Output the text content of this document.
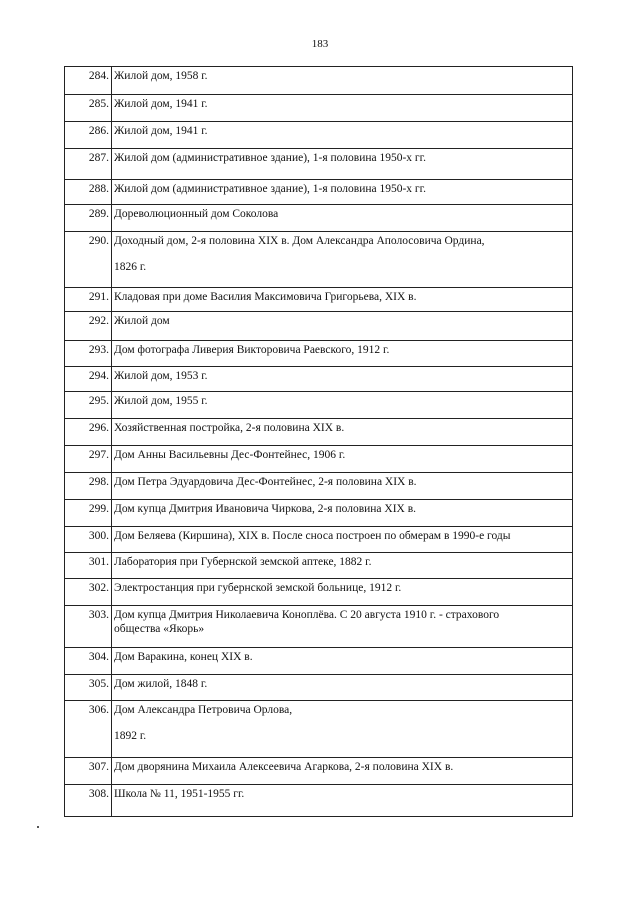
183
284.	Жилой дом, 1958 г.
285.	Жилой дом, 1941 г.
286.	Жилой дом, 1941 г.
287.	Жилой дом (административное здание), 1-я половина 1950-х гг.
288.	Жилой дом (административное здание), 1-я половина 1950-х гг.
289.	Дореволюционный дом Соколова
290.	Доходный дом, 2-я половина XIX в. Дом Александра Аполосовича Ордина,
1826 г.

291.	Кладовая при доме Василия Максимовича Григорьева, XIX в.
292.	Жилой дом
293.	Дом фотографа Ливерия Викторовича Раевского, 1912 г.
294.	Жилой дом, 1953 г.
295.	Жилой дом, 1955 г.
296.	Хозяйственная постройка, 2-я половина XIX в.
297.	Дом Анны Васильевны Дес-Фонтейнес, 1906 г.
298.	Дом Петра Эдуардовича Дес-Фонтейнес, 2-я половина XIX в.
299.	Дом купца Дмитрия Ивановича Чиркова, 2-я половина XIX в.
300.	Дом Беляева (Киршина), XIX в. После сноса построен по обмерам в 1990-е годы
301.	Лаборатория при Губернской земской аптеке, 1882 г.
302.	Электростанция при губернской земской больнице, 1912 г.
303.	Дом купца Дмитрия Николаевича Коноплёва. С 20 августа 1910 г. - страхового
общества «Якорь»

304.	Дом Варакина, конец XIX в.
305.	Дом жилой, 1848 г.
306.	Дом Александра Петровича Орлова,
1892 г.

307.	Дом дворянина Михаила Алексеевича Агаркова, 2-я половина XIX в.
308.	Школа № 11, 1951-1955 гг.
